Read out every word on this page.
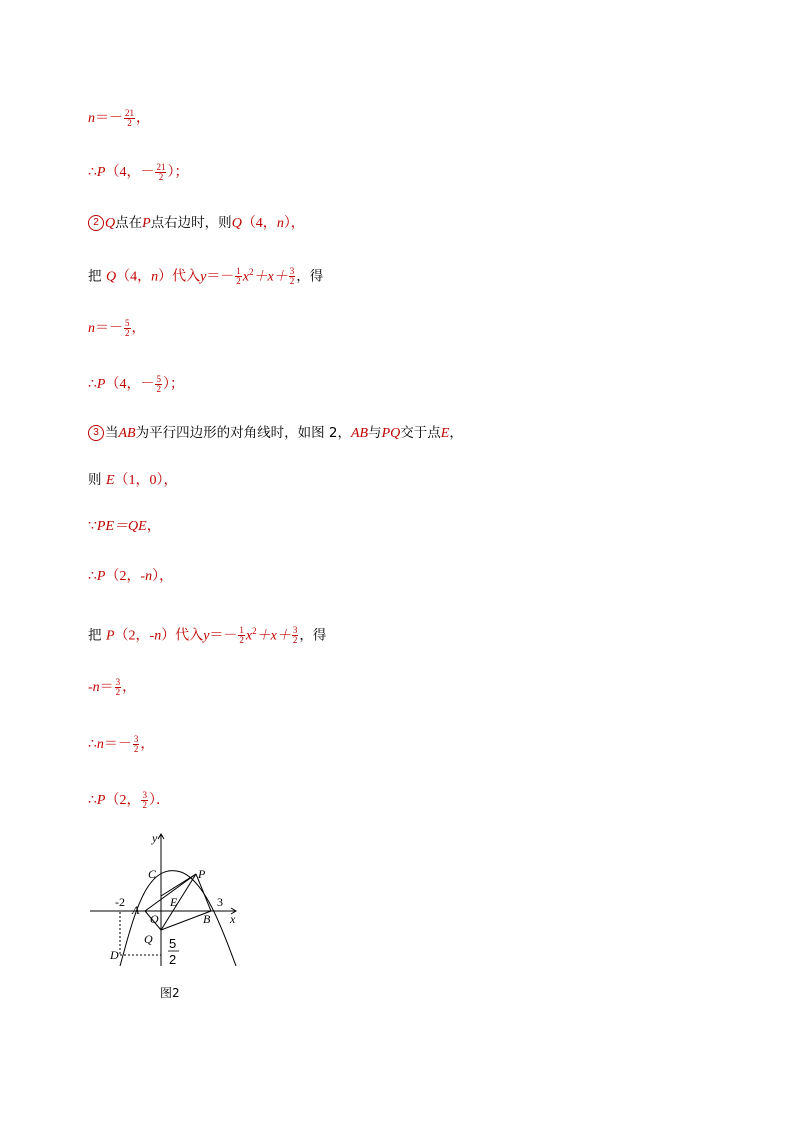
$n=- \frac{21}{2}$ ，
∴P（4，－ $\frac{21}{2}$ ）；
2 Q点在P点右边时，则Q（4，n），
把 Q（4，n）代入$y=- \frac{1}{2} x^2+x+ \frac{3}{2}$ ，得
$n=- \frac{5}{2}$ ，
∴P（4，－ $\frac{5}{2}$ ）；
3 当AB为平行四边形的对角线时，如图 2，AB与PQ交于点E，
则 E（1，0），
∵PE＝QE，
∴P（2，-n），
把 P（2，-n）代入$y=- \frac{1}{2} x^2+x+ \frac{3}{2}$ ，得
$-n= \frac{3}{2}$ ，
∴n＝－ $\frac{3}{2}$ ，
∴P（2， $\frac{3}{2}$ ）．
y
x
C	P
A
E
O	B
Q
D
-2	3
5
2
图2
